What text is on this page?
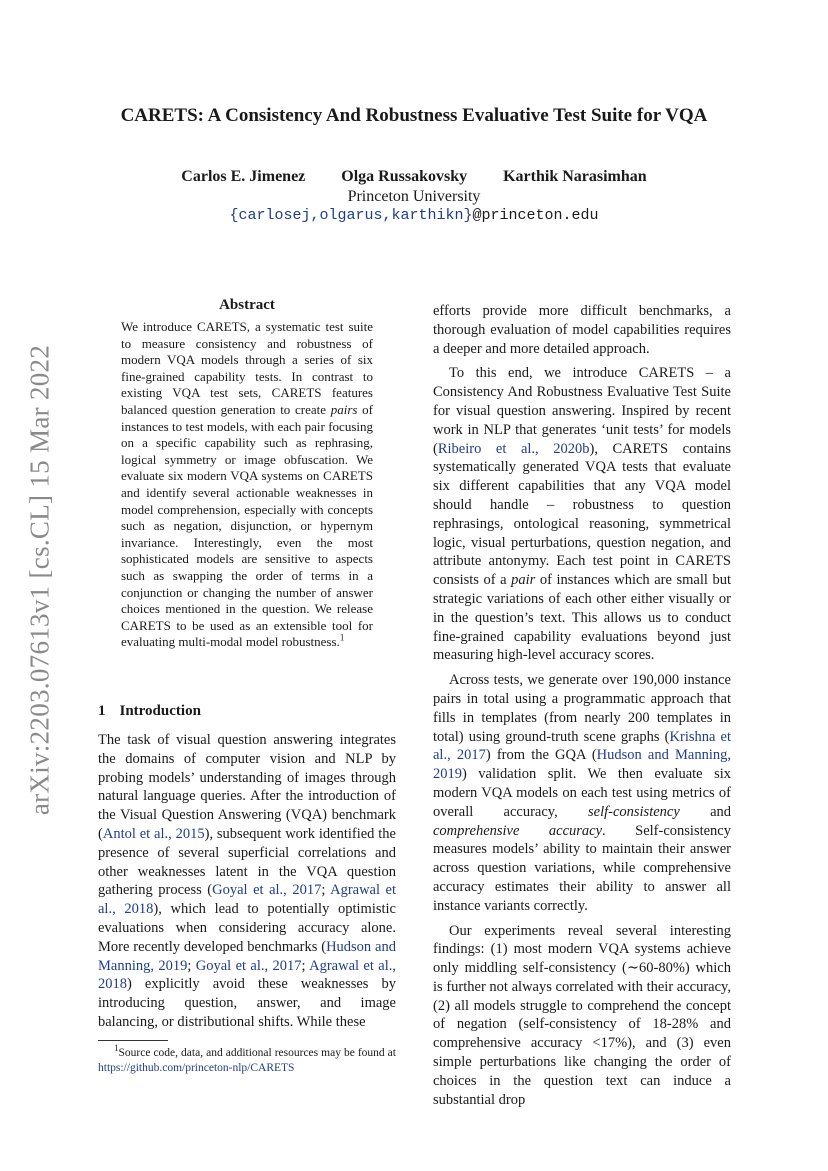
arXiv:2203.07613v1 [cs.CL] 15 Mar 2022
CARETS: A Consistency And Robustness Evaluative Test Suite for VQA
Carlos E. Jimenez Olga Russakovsky Karthik Narasimhan
Princeton University
{carlosej,olgarus,karthikn}@princeton.edu
Abstract
We introduce CARETS, a systematic test suite to measure consistency and robustness of modern VQA models through a series of six fine-grained capability tests. In contrast to existing VQA test sets, CARETS features balanced question generation to create pairs of instances to test models, with each pair focusing on a specific capability such as rephrasing, logical symmetry or image obfuscation. We evaluate six modern VQA systems on CARETS and identify several actionable weaknesses in model comprehension, especially with concepts such as negation, disjunction, or hypernym invariance. Interestingly, even the most sophisticated models are sensitive to aspects such as swapping the order of terms in a conjunction or changing the number of answer choices mentioned in the question. We release CARETS to be used as an extensible tool for evaluating multi-modal model robustness.$^1$
1 Introduction
The task of visual question answering integrates the domains of computer vision and NLP by probing models’ understanding of images through natural language queries. After the introduction of the Visual Question Answering (VQA) benchmark (Antol et al., 2015), subsequent work identified the presence of several superficial correlations and other weaknesses latent in the VQA question gathering process (Goyal et al., 2017; Agrawal et al., 2018), which lead to potentially optimistic evaluations when considering accuracy alone. More recently developed benchmarks (Hudson and Manning, 2019; Goyal et al., 2017; Agrawal et al., 2018) explicitly avoid these weaknesses by introducing question, answer, and image balancing, or distributional shifts. While these
$^1$Source code, data, and additional resources may be found at https://github.com/princeton-nlp/CARETS

efforts provide more difficult benchmarks, a thorough evaluation of model capabilities requires a deeper and more detailed approach.

To this end, we introduce CARETS – a Consistency And Robustness Evaluative Test Suite for visual question answering. Inspired by recent work in NLP that generates ‘unit tests’ for models (Ribeiro et al., 2020b), CARETS contains systematically generated VQA tests that evaluate six different capabilities that any VQA model should handle – robustness to question rephrasings, ontological reasoning, symmetrical logic, visual perturbations, question negation, and attribute antonymy. Each test point in CARETS consists of a pair of instances which are small but strategic variations of each other either visually or in the question’s text. This allows us to conduct fine-grained capability evaluations beyond just measuring high-level accuracy scores.

Across tests, we generate over 190,000 instance pairs in total using a programmatic approach that fills in templates (from nearly 200 templates in total) using ground-truth scene graphs (Krishna et al., 2017) from the GQA (Hudson and Manning, 2019) validation split. We then evaluate six modern VQA models on each test using metrics of overall accuracy, self-consistency and comprehensive accuracy. Self-consistency measures models’ ability to maintain their answer across question variations, while comprehensive accuracy estimates their ability to answer all instance variants correctly.

Our experiments reveal several interesting findings: (1) most modern VQA systems achieve only middling self-consistency (∼60-80%) which is further not always correlated with their accuracy, (2) all models struggle to comprehend the concept of negation (self-consistency of 18-28% and comprehensive accuracy <17%), and (3) even simple perturbations like changing the order of choices in the question text can induce a substantial drop
